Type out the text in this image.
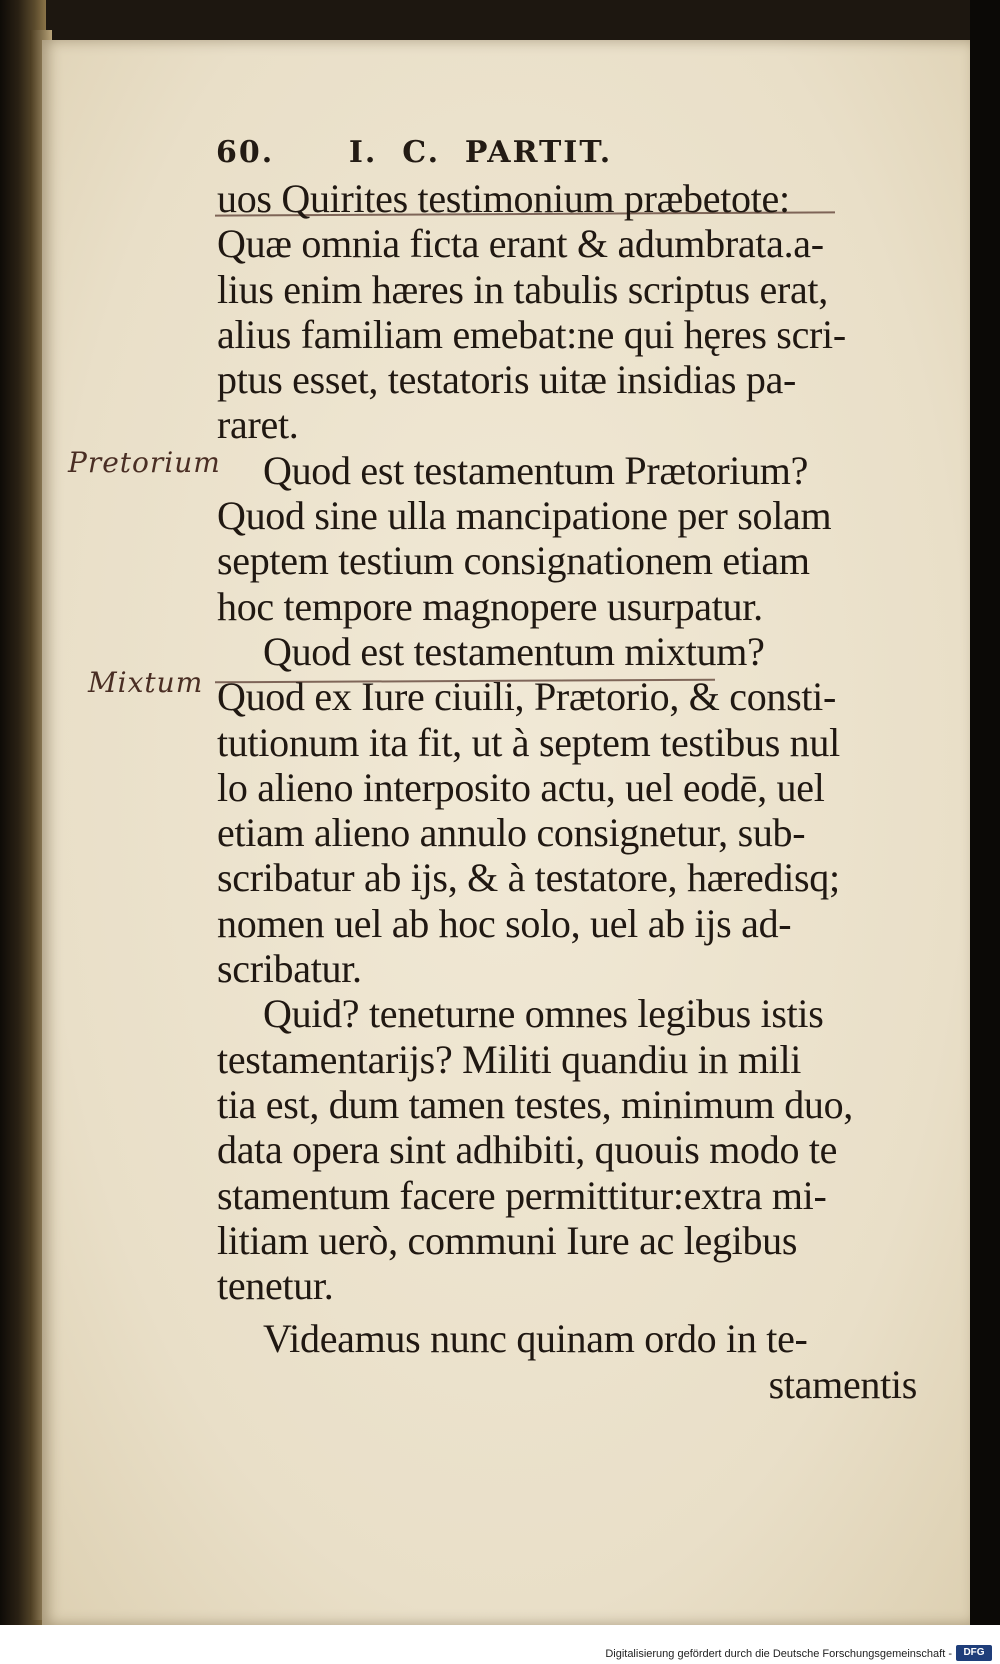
60. I.  C.  PARTIT.
Pretorium
Mixtum
uos Quirites testimonium præbetote:
Quæ omnia ficta erant & adumbrata.a-
lius enim hæres in tabulis scriptus erat,
alius familiam emebat:ne qui hęres scri-
ptus esset, testatoris uitæ insidias pa-
raret.
Quod est testamentum Prætorium?
Quod sine ulla mancipatione per solam
septem testium consignationem etiam
hoc tempore magnopere usurpatur.
Quod est testamentum mixtum?
Quod ex Iure ciuili, Prætorio, & consti-
tutionum ita fit, ut à septem testibus nul
lo alieno interposito actu, uel eodē, uel
etiam alieno annulo consignetur, sub-
scribatur ab ijs, & à testatore, hæredisq;
nomen uel ab hoc solo, uel ab ijs ad-
scribatur.
Quid? teneturne omnes legibus istis
testamentarijs? Militi quandiu in mili
tia est, dum tamen testes, minimum duo,
data opera sint adhibiti, quouis modo te
stamentum facere permittitur:extra mi-
litiam uerò, communi Iure ac legibus
tenetur.
Videamus nunc quinam ordo in te-
stamentis
Digitalisierung gefördert durch die Deutsche Forschungsgemeinschaft -	DFG
